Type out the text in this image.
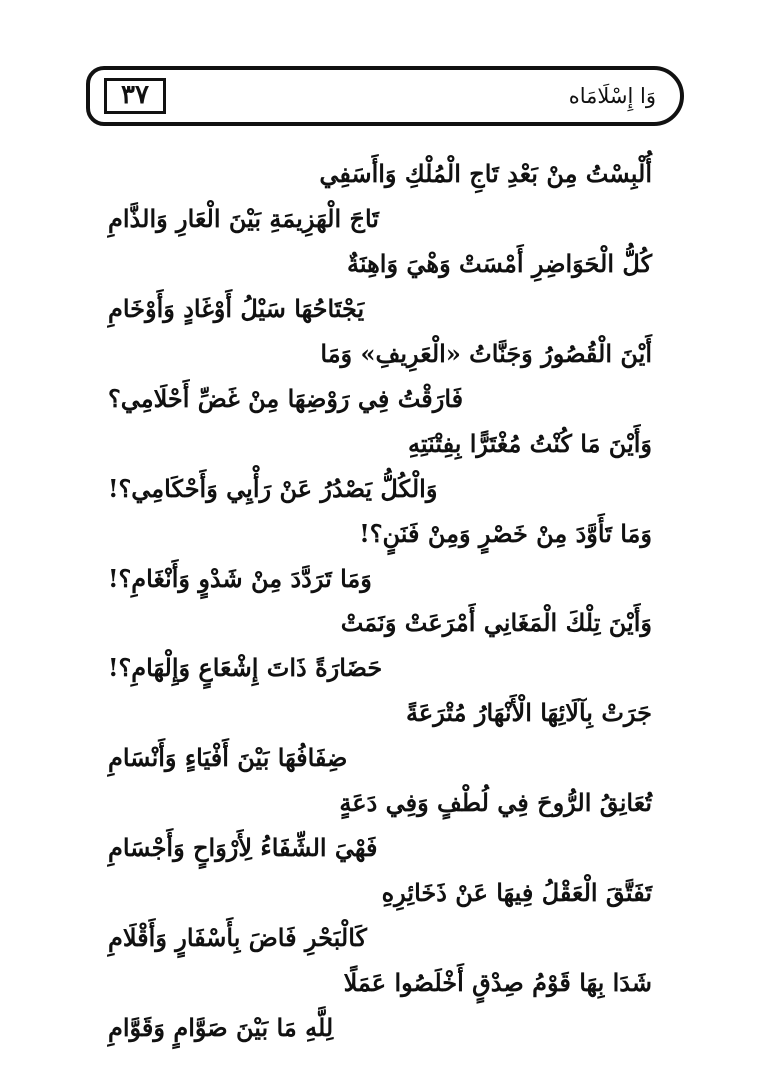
٣٧	وَا إِسْلَامَاه
أُلْبِسْتُ مِنْ بَعْدِ تَاجِ الْمُلْكِ وَاأَسَفِي
تَاجَ الْهَزِيمَةِ بَيْنَ الْعَارِ وَالذَّامِ
كُلُّ الْحَوَاضِرِ أَمْسَتْ وَهْيَ وَاهِنَةٌ
يَجْتَاحُهَا سَيْلُ أَوْغَادٍ وَأَوْخَامِ
أَيْنَ الْقُصُورُ وَجَنَّاتُ «الْعَرِيفِ» وَمَا
فَارَقْتُ فِي رَوْضِهَا مِنْ غَضِّ أَحْلَامِي؟
وَأَيْنَ مَا كُنْتُ مُغْتَرًّا بِفِتْنَتِهِ
وَالْكُلُّ يَصْدُرُ عَنْ رَأْيِي وَأَحْكَامِي؟!
وَمَا تَأَوَّدَ مِنْ خَصْرٍ وَمِنْ فَنَنٍ؟!
وَمَا تَرَدَّدَ مِنْ شَدْوٍ وَأَنْغَامِ؟!
وَأَيْنَ تِلْكَ الْمَغَانِي أَمْرَعَتْ وَنَمَتْ
حَضَارَةً ذَاتَ إِشْعَاعٍ وَإِلْهَامِ؟!
جَرَتْ بِآلَائِهَا الْأَنْهَارُ مُتْرَعَةً
ضِفَافُهَا بَيْنَ أَفْيَاءٍ وَأَنْسَامِ
تُعَانِقُ الرُّوحَ فِي لُطْفٍ وَفِي دَعَةٍ
فَهْيَ الشِّفَاءُ لِأَرْوَاحٍ وَأَجْسَامِ
تَفَتَّقَ الْعَقْلُ فِيهَا عَنْ ذَخَائِرِهِ
كَالْبَحْرِ فَاضَ بِأَسْفَارٍ وَأَقْلَامِ
شَدَا بِهَا قَوْمُ صِدْقٍ أَخْلَصُوا عَمَلًا
لِلَّهِ مَا بَيْنَ صَوَّامٍ وَقَوَّامِ
